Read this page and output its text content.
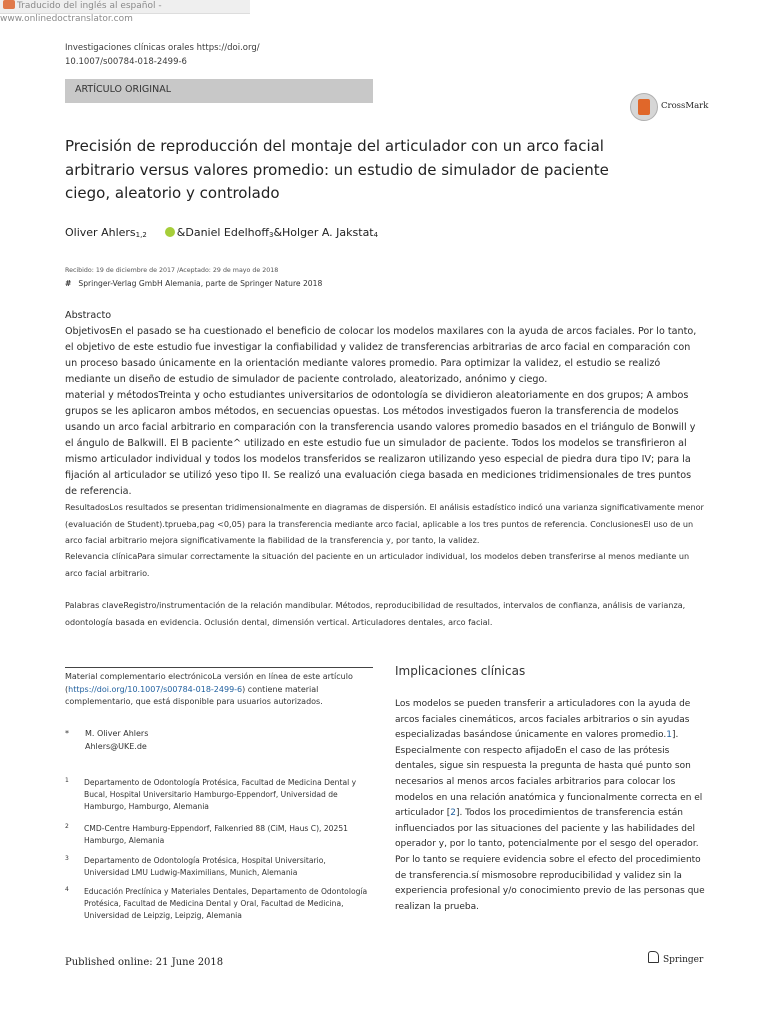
Traducido del inglés al español - www.onlinedoctranslator.com
Investigaciones clínicas orales https://doi.org/
10.1007/s00784-018-2499-6
ARTÍCULO ORIGINAL
CrossMark
Precisión de reproducción del montaje del articulador con un arco facial arbitrario versus valores promedio: un estudio de simulador de paciente ciego, aleatorio y controlado
Oliver Ahlers$_{1,2}$	&Daniel Edelhoff$_3$&Holger A. Jakstat$_4$
Recibido: 19 de diciembre de 2017 /Aceptado: 29 de mayo de 2018
# Springer-Verlag GmbH Alemania, parte de Springer Nature 2018
Abstracto
ObjetivosEn el pasado se ha cuestionado el beneficio de colocar los modelos maxilares con la ayuda de arcos faciales. Por lo tanto, el objetivo de este estudio fue investigar la confiabilidad y validez de transferencias arbitrarias de arco facial en comparación con un proceso basado únicamente en la orientación mediante valores promedio. Para optimizar la validez, el estudio se realizó mediante un diseño de estudio de simulador de paciente controlado, aleatorizado, anónimo y ciego.
material y métodosTreinta y ocho estudiantes universitarios de odontología se dividieron aleatoriamente en dos grupos; A ambos grupos se les aplicaron ambos métodos, en secuencias opuestas. Los métodos investigados fueron la transferencia de modelos usando un arco facial arbitrario en comparación con la transferencia usando valores promedio basados en el triángulo de Bonwill y el ángulo de Balkwill. El B paciente^ utilizado en este estudio fue un simulador de paciente. Todos los modelos se transfirieron al mismo articulador individual y todos los modelos transferidos se realizaron utilizando yeso especial de piedra dura tipo IV; para la fijación al articulador se utilizó yeso tipo II. Se realizó una evaluación ciega basada en mediciones tridimensionales de tres puntos de referencia.
ResultadosLos resultados se presentan tridimensionalmente en diagramas de dispersión. El análisis estadístico indicó una varianza significativamente menor (evaluación de Student).tprueba,pag <0,05) para la transferencia mediante arco facial, aplicable a los tres puntos de referencia. ConclusionesEl uso de un arco facial arbitrario mejora significativamente la fiabilidad de la transferencia y, por tanto, la validez.
Relevancia clínicaPara simular correctamente la situación del paciente en un articulador individual, los modelos deben transferirse al menos mediante un arco facial arbitrario.
Palabras claveRegistro/instrumentación de la relación mandibular. Métodos, reproducibilidad de resultados, intervalos de confianza, análisis de varianza, odontología basada en evidencia. Oclusión dental, dimensión vertical. Articuladores dentales, arco facial.
Material complementario electrónicoLa versión en línea de este artículo (https://doi.org/10.1007/s00784-018-2499-6) contiene material complementario, que está disponible para usuarios autorizados.
* M. Oliver Ahlers
Ahlers@UKE.de
1 Departamento de Odontología Protésica, Facultad de Medicina Dental y Bucal, Hospital Universitario Hamburgo-Eppendorf, Universidad de Hamburgo, Hamburgo, Alemania
2 CMD-Centre Hamburg-Eppendorf, Falkenried 88 (CiM, Haus C), 20251 Hamburgo, Alemania
3 Departamento de Odontología Protésica, Hospital Universitario, Universidad LMU Ludwig-Maximilians, Munich, Alemania
4 Educación Preclínica y Materiales Dentales, Departamento de Odontología Protésica, Facultad de Medicina Dental y Oral, Facultad de Medicina, Universidad de Leipzig, Leipzig, Alemania
Implicaciones clínicas
Los modelos se pueden transferir a articuladores con la ayuda de arcos faciales cinemáticos, arcos faciales arbitrarios o sin ayudas especializadas basándose únicamente en valores promedio.1]. Especialmente con respecto afijadoEn el caso de las prótesis dentales, sigue sin respuesta la pregunta de hasta qué punto son necesarios al menos arcos faciales arbitrarios para colocar los modelos en una relación anatómica y funcionalmente correcta en el articulador [2]. Todos los procedimientos de transferencia están influenciados por las situaciones del paciente y las habilidades del operador y, por lo tanto, potencialmente por el sesgo del operador. Por lo tanto se requiere evidencia sobre el efecto del procedimiento de transferencia.sí mismosobre reproducibilidad y validez sin la experiencia profesional y/o conocimiento previo de las personas que realizan la prueba.
Published online: 21 June 2018	Springer
